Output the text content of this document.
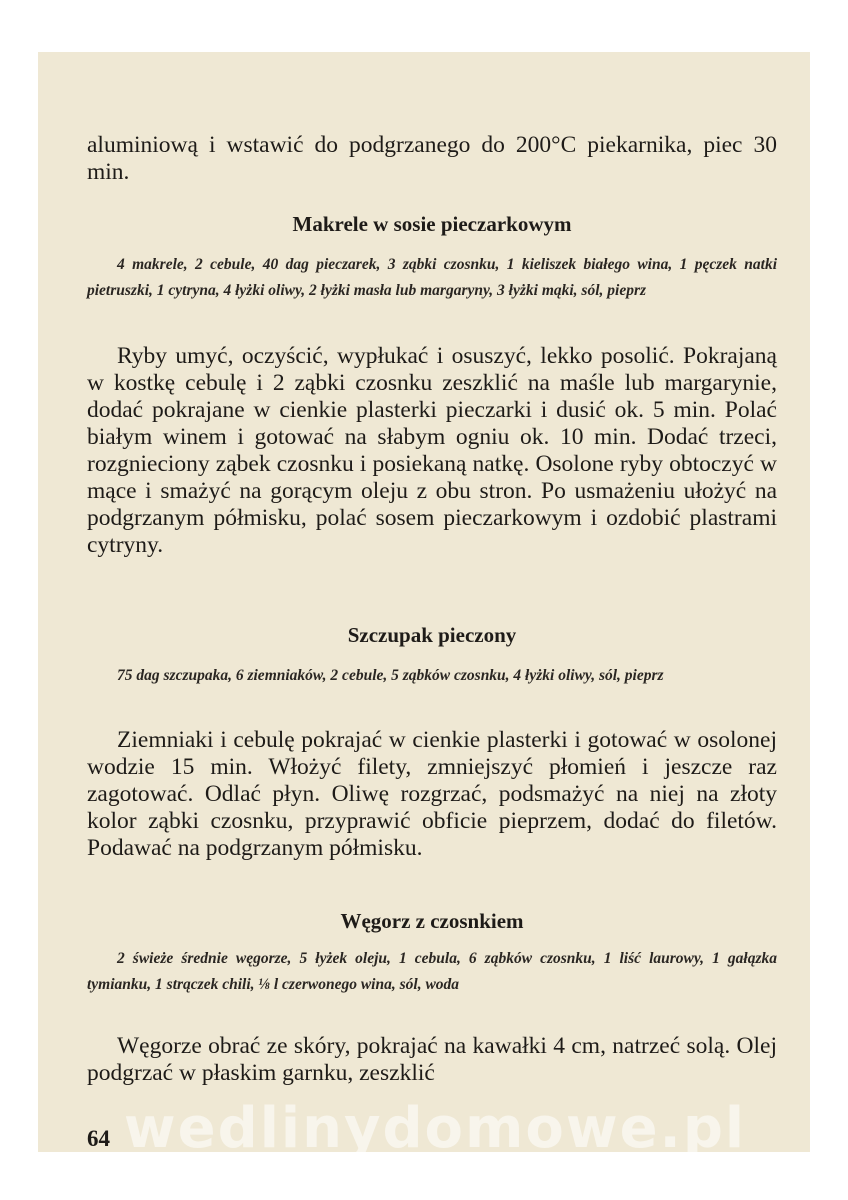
aluminiową i wstawić do podgrzanego do 200°C piekarnika, piec 30 min.

Makrele w sosie pieczarkowym

4 makrele, 2 cebule, 40 dag pieczarek, 3 ząbki czosnku, 1 kieliszek białego wina, 1 pęczek natki pietruszki, 1 cytryna, 4 łyżki oliwy, 2 łyżki masła lub margaryny, 3 łyżki mąki, sól, pieprz

Ryby umyć, oczyścić, wypłukać i osuszyć, lekko posolić. Pokrajaną w kostkę cebulę i 2 ząbki czosnku zeszklić na maśle lub margarynie, dodać pokrajane w cienkie plasterki pieczarki i dusić ok. 5 min. Polać białym winem i gotować na słabym ogniu ok. 10 min. Dodać trzeci, rozgnieciony ząbek czosnku i posiekaną natkę. Osolone ryby obtoczyć w mące i smażyć na gorącym oleju z obu stron. Po usmażeniu ułożyć na podgrzanym półmisku, polać sosem pieczarkowym i ozdobić plastrami cytryny.

Szczupak pieczony

75 dag szczupaka, 6 ziemniaków, 2 cebule, 5 ząbków czosnku, 4 łyżki oliwy, sól, pieprz

Ziemniaki i cebulę pokrajać w cienkie plasterki i gotować w osolonej wodzie 15 min. Włożyć filety, zmniejszyć płomień i jeszcze raz zagotować. Odlać płyn. Oliwę rozgrzać, podsmażyć na niej na złoty kolor ząbki czosnku, przyprawić obficie pieprzem, dodać do filetów. Podawać na podgrzanym półmisku.

Węgorz z czosnkiem

2 świeże średnie węgorze, 5 łyżek oleju, 1 cebula, 6 ząbków czosnku, 1 liść laurowy, 1 gałązka tymianku, 1 strączek chili, ⅛ l czerwonego wina, sól, woda

Węgorze obrać ze skóry, pokrajać na kawałki 4 cm, natrzeć solą. Olej podgrzać w płaskim garnku, zeszklić

wedlinydomowe.pl
64
